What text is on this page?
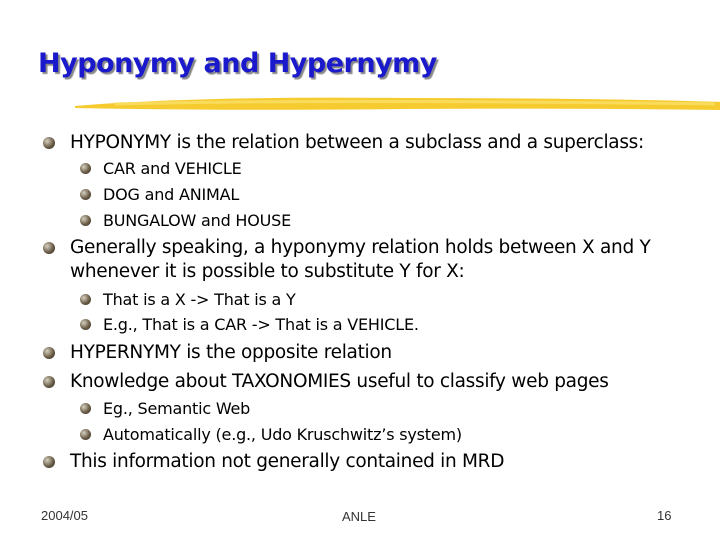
Hyponymy and Hypernymy
HYPONYMY is the relation between a subclass and a superclass:
CAR and VEHICLE
DOG and ANIMAL
BUNGALOW and HOUSE
Generally speaking, a hyponymy relation holds between X and Y
whenever it is possible to substitute Y for X:
That is a X -> That is a Y
E.g., That is a CAR -> That is a VEHICLE.
HYPERNYMY is the opposite relation
Knowledge about TAXONOMIES useful to classify web pages
Eg., Semantic Web
Automatically (e.g., Udo Kruschwitz’s system)
This information not generally contained in MRD
2004/05	ANLE	16
